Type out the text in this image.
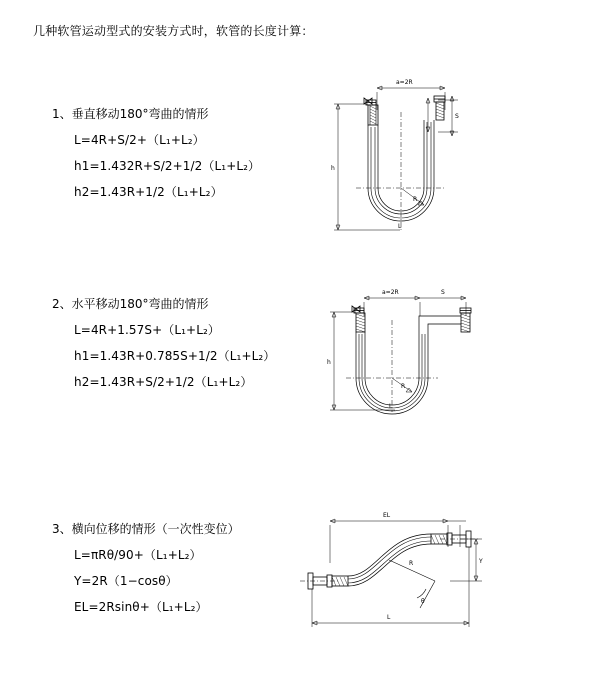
几种软管运动型式的安装方式时，软管的长度计算：
1、垂直移动180°弯曲的情形
L=4R+S/2+（L₁+L₂）
h1=1.432R+S/2+1/2（L₁+L₂）
h2=1.43R+1/2（L₁+L₂）
a=2R
S
h
R
L
2、水平移动180°弯曲的情形
L=4R+1.57S+（L₁+L₂）
h1=1.43R+0.785S+1/2（L₁+L₂）
h2=1.43R+S/2+1/2（L₁+L₂）
a=2R	S
h
R
L
3、横向位移的情形（一次性变位）
L=πRθ/90+（L₁+L₂）
Y=2R（1−cosθ）
EL=2Rsinθ+（L₁+L₂）
EL
Y
R
θ
L
